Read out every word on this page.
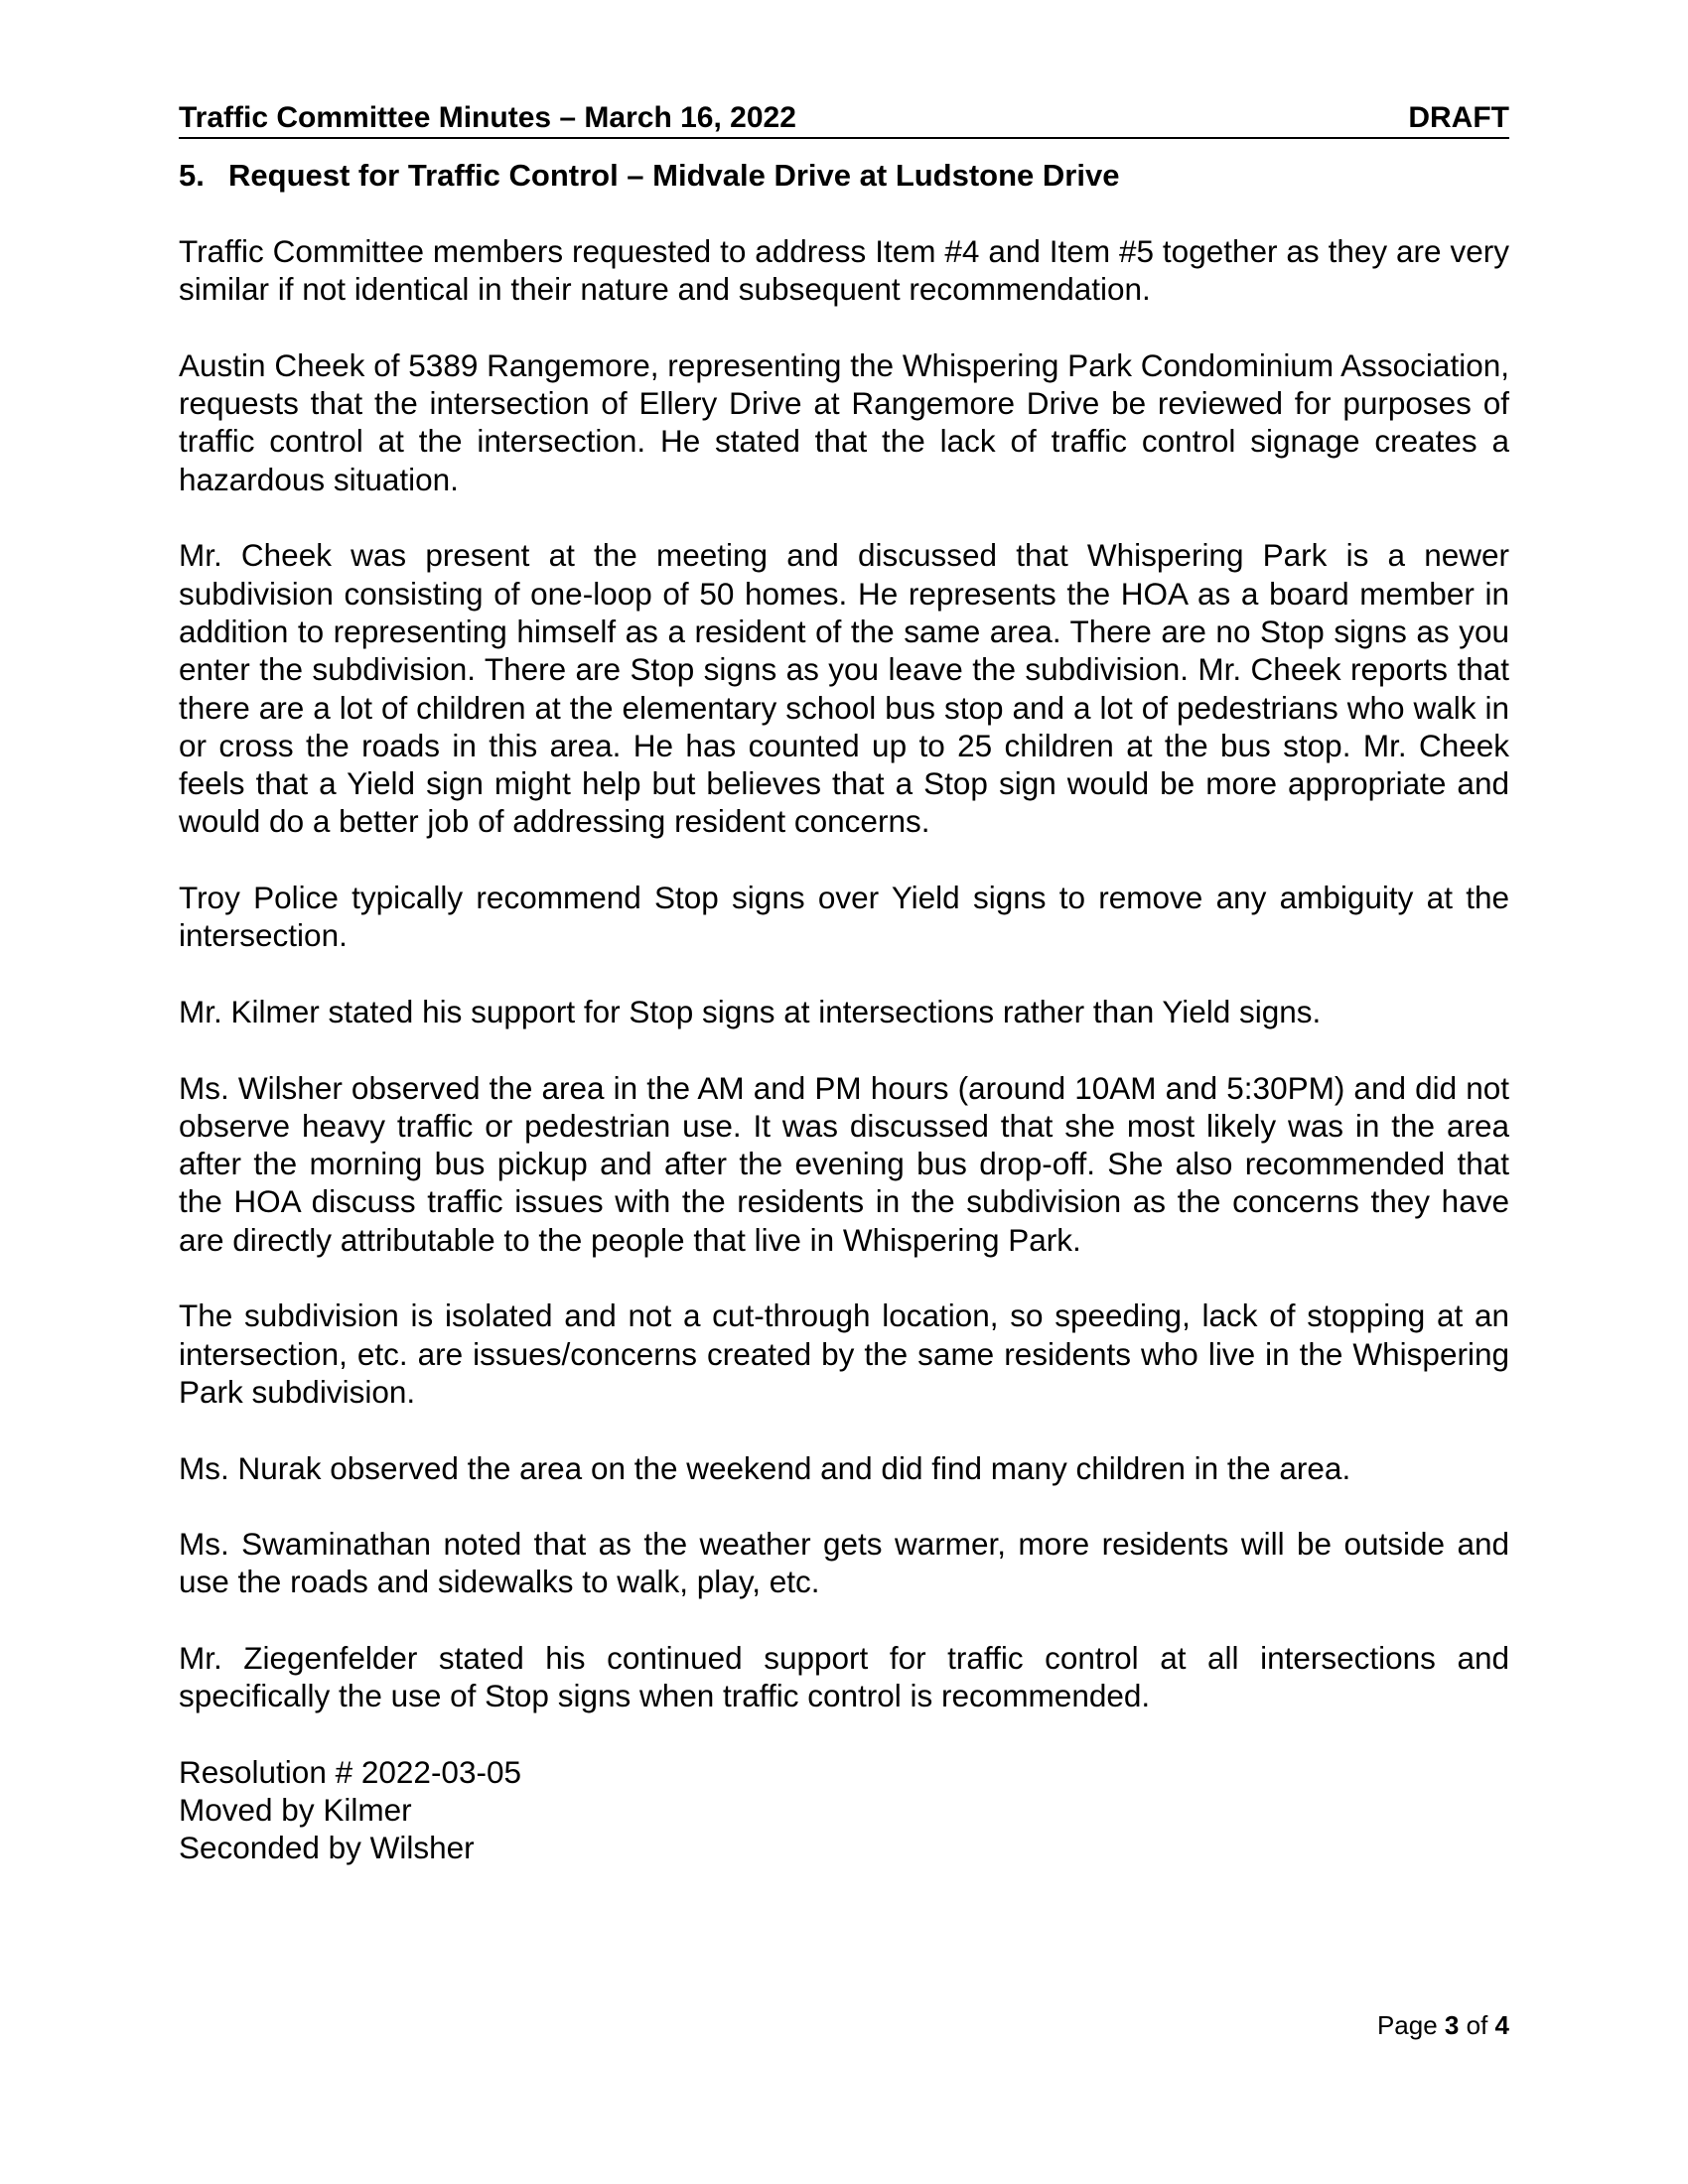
Traffic Committee Minutes – March 16, 2022	DRAFT
5. Request for Traffic Control – Midvale Drive at Ludstone Drive

Traffic Committee members requested to address Item #4 and Item #5 together as they are very similar if not identical in their nature and subsequent recommendation.

Austin Cheek of 5389 Rangemore, representing the Whispering Park Condominium Association, requests that the intersection of Ellery Drive at Rangemore Drive be reviewed for purposes of traffic control at the intersection. He stated that the lack of traffic control signage creates a hazardous situation.

Mr. Cheek was present at the meeting and discussed that Whispering Park is a newer subdivision consisting of one-loop of 50 homes. He represents the HOA as a board member in addition to representing himself as a resident of the same area. There are no Stop signs as you enter the subdivision. There are Stop signs as you leave the subdivision. Mr. Cheek reports that there are a lot of children at the elementary school bus stop and a lot of pedestrians who walk in or cross the roads in this area. He has counted up to 25 children at the bus stop. Mr. Cheek feels that a Yield sign might help but believes that a Stop sign would be more appropriate and would do a better job of addressing resident concerns.

Troy Police typically recommend Stop signs over Yield signs to remove any ambiguity at the intersection.

Mr. Kilmer stated his support for Stop signs at intersections rather than Yield signs.

Ms. Wilsher observed the area in the AM and PM hours (around 10AM and 5:30PM) and did not observe heavy traffic or pedestrian use. It was discussed that she most likely was in the area after the morning bus pickup and after the evening bus drop-off. She also recommended that the HOA discuss traffic issues with the residents in the subdivision as the concerns they have are directly attributable to the people that live in Whispering Park.

The subdivision is isolated and not a cut-through location, so speeding, lack of stopping at an intersection, etc. are issues/concerns created by the same residents who live in the Whispering Park subdivision.

Ms. Nurak observed the area on the weekend and did find many children in the area.

Ms. Swaminathan noted that as the weather gets warmer, more residents will be outside and use the roads and sidewalks to walk, play, etc.

Mr. Ziegenfelder stated his continued support for traffic control at all intersections and specifically the use of Stop signs when traffic control is recommended.

Resolution # 2022-03-05
Moved by Kilmer
Seconded by Wilsher
Page 3 of 4
